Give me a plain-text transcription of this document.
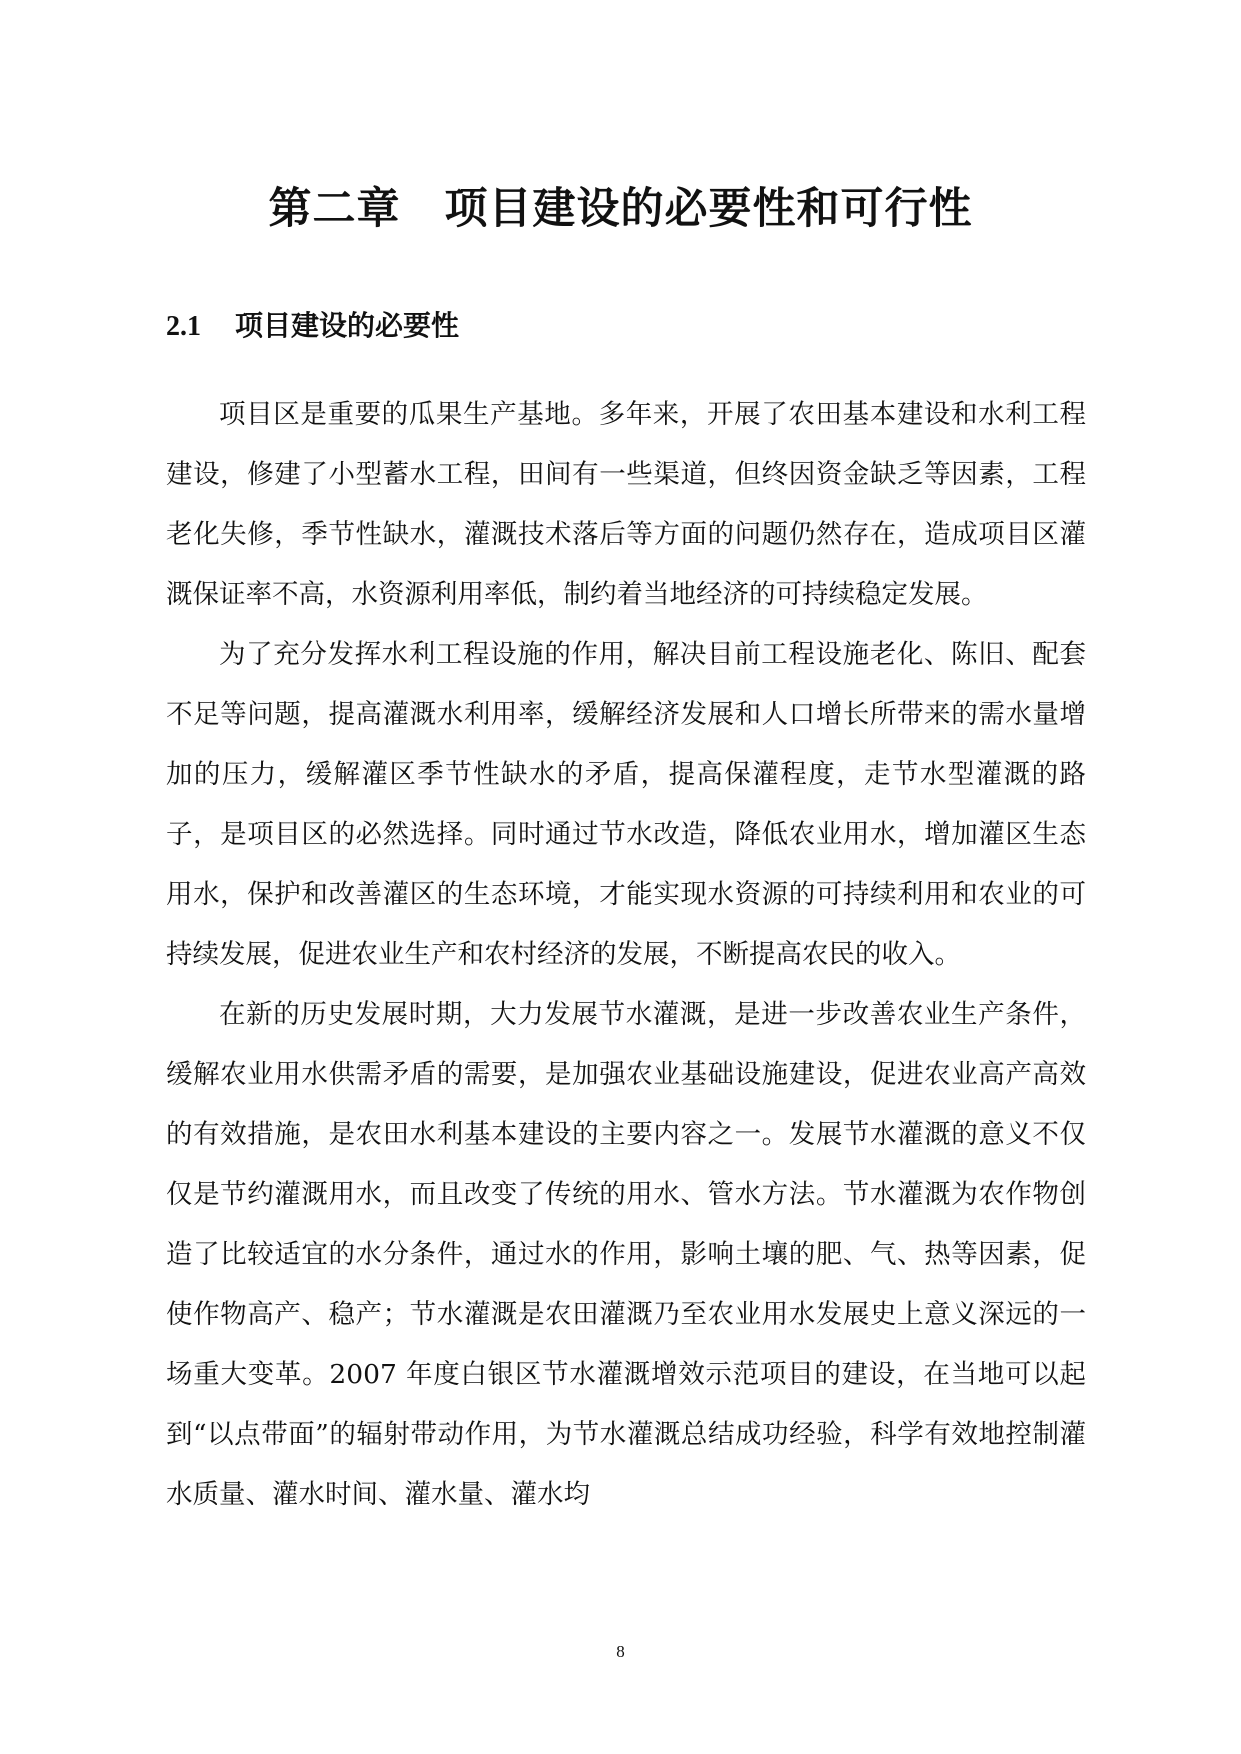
第二章　项目建设的必要性和可行性
2.1 项目建设的必要性

项目区是重要的瓜果生产基地。多年来，开展了农田基本建设和水利工程建设，修建了小型蓄水工程，田间有一些渠道，但终因资金缺乏等因素，工程老化失修，季节性缺水，灌溉技术落后等方面的问题仍然存在，造成项目区灌溉保证率不高，水资源利用率低，制约着当地经济的可持续稳定发展。

为了充分发挥水利工程设施的作用，解决目前工程设施老化、陈旧、配套不足等问题，提高灌溉水利用率，缓解经济发展和人口增长所带来的需水量增加的压力，缓解灌区季节性缺水的矛盾，提高保灌程度，走节水型灌溉的路子，是项目区的必然选择。同时通过节水改造，降低农业用水，增加灌区生态用水，保护和改善灌区的生态环境，才能实现水资源的可持续利用和农业的可持续发展，促进农业生产和农村经济的发展，不断提高农民的收入。

在新的历史发展时期，大力发展节水灌溉，是进一步改善农业生产条件，缓解农业用水供需矛盾的需要，是加强农业基础设施建设，促进农业高产高效的有效措施，是农田水利基本建设的主要内容之一。发展节水灌溉的意义不仅仅是节约灌溉用水，而且改变了传统的用水、管水方法。节水灌溉为农作物创造了比较适宜的水分条件，通过水的作用，影响土壤的肥、气、热等因素，促使作物高产、稳产；节水灌溉是农田灌溉乃至农业用水发展史上意义深远的一场重大变革。2007 年度白银区节水灌溉增效示范项目的建设，在当地可以起到“以点带面”的辐射带动作用，为节水灌溉总结成功经验，科学有效地控制灌水质量、灌水时间、灌水量、灌水均

8
